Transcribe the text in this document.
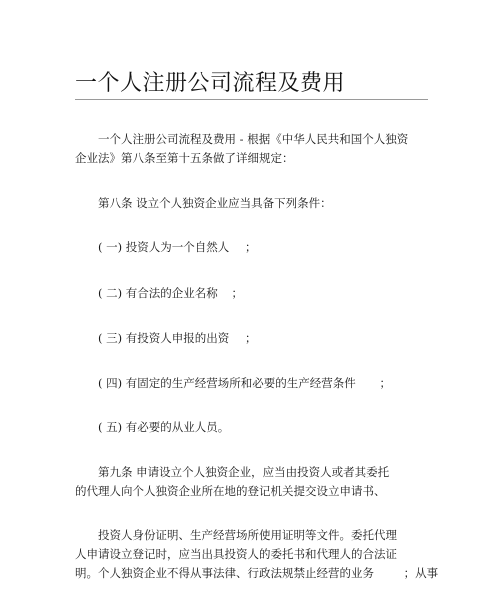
一个人注册公司流程及费用
一个人注册公司流程及费用 - 根据《中华人民共和国个人独资
企业法》第八条至第十五条做了详细规定：
第八条 设立个人独资企业应当具备下列条件：
( 一) 投资人为一个自然人 ；
( 二) 有合法的企业名称 ；
( 三) 有投资人申报的出资 ；
( 四) 有固定的生产经营场所和必要的生产经营条件 ；
( 五) 有必要的从业人员。
第九条 申请设立个人独资企业，应当由投资人或者其委托
的代理人向个人独资企业所在地的登记机关提交设立申请书、
投资人身份证明、生产经营场所使用证明等文件。委托代理
人申请设立登记时，应当出具投资人的委托书和代理人的合法证
明。个人独资企业不得从事法律、行政法规禁止经营的业务	；从事
